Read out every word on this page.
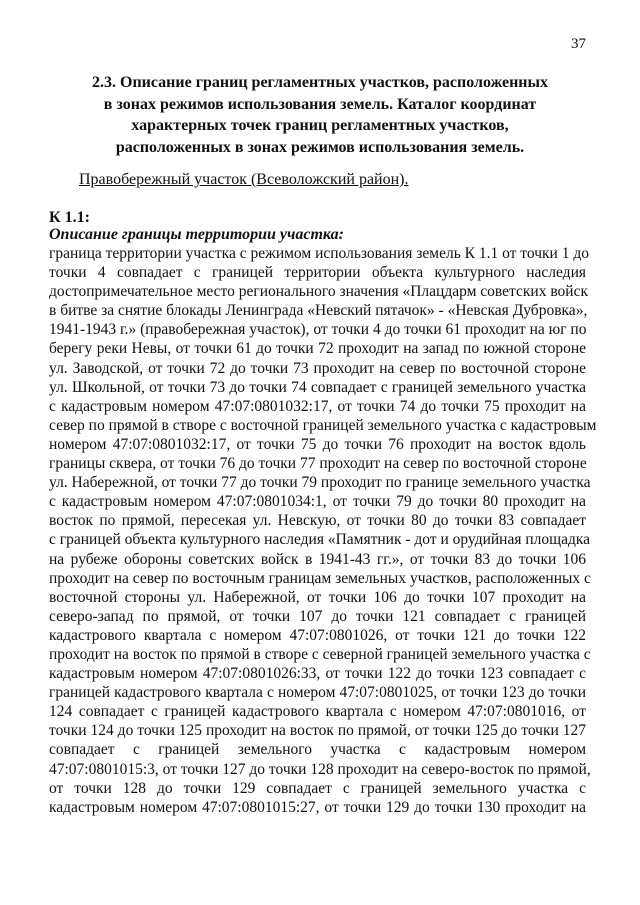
37
2.3. Описание границ регламентных участков, расположенных
в зонах режимов использования земель. Каталог координат
характерных точек границ регламентных участков,
расположенных в зонах режимов использования земель.
Правобережный участок (Всеволожский район).
К 1.1:
Описание границы территории участка:
граница территории участка с режимом использования земель К 1.1 от точки 1 до
точки 4 совпадает с границей территории объекта культурного наследия
достопримечательное место регионального значения «Плацдарм советских войск
в битве за снятие блокады Ленинграда «Невский пятачок» - «Невская Дубровка»,
1941-1943 г.» (правобережная участок), от точки 4 до точки 61 проходит на юг по
берегу реки Невы, от точки 61 до точки 72 проходит на запад по южной стороне
ул. Заводской, от точки 72 до точки 73 проходит на север по восточной стороне
ул. Школьной, от точки 73 до точки 74 совпадает с границей земельного участка
с кадастровым номером 47:07:0801032:17, от точки 74 до точки 75 проходит на
север по прямой в створе с восточной границей земельного участка с кадастровым
номером 47:07:0801032:17, от точки 75 до точки 76 проходит на восток вдоль
границы сквера, от точки 76 до точки 77 проходит на север по восточной стороне
ул. Набережной, от точки 77 до точки 79 проходит по границе земельного участка
с кадастровым номером 47:07:0801034:1, от точки 79 до точки 80 проходит на
восток по прямой, пересекая ул. Невскую, от точки 80 до точки 83 совпадает
с границей объекта культурного наследия «Памятник - дот и орудийная площадка
на рубеже обороны советских войск в 1941-43 гг.», от точки 83 до точки 106
проходит на север по восточным границам земельных участков, расположенных с
восточной стороны ул. Набережной, от точки 106 до точки 107 проходит на
северо-запад по прямой, от точки 107 до точки 121 совпадает с границей
кадастрового квартала с номером 47:07:0801026, от точки 121 до точки 122
проходит на восток по прямой в створе с северной границей земельного участка с
кадастровым номером 47:07:0801026:33, от точки 122 до точки 123 совпадает с
границей кадастрового квартала с номером 47:07:0801025, от точки 123 до точки
124 совпадает с границей кадастрового квартала с номером 47:07:0801016, от
точки 124 до точки 125 проходит на восток по прямой, от точки 125 до точки 127
совпадает с границей земельного участка с кадастровым номером
47:07:0801015:3, от точки 127 до точки 128 проходит на северо-восток по прямой,
от точки 128 до точки 129 совпадает с границей земельного участка с
кадастровым номером 47:07:0801015:27, от точки 129 до точки 130 проходит на
